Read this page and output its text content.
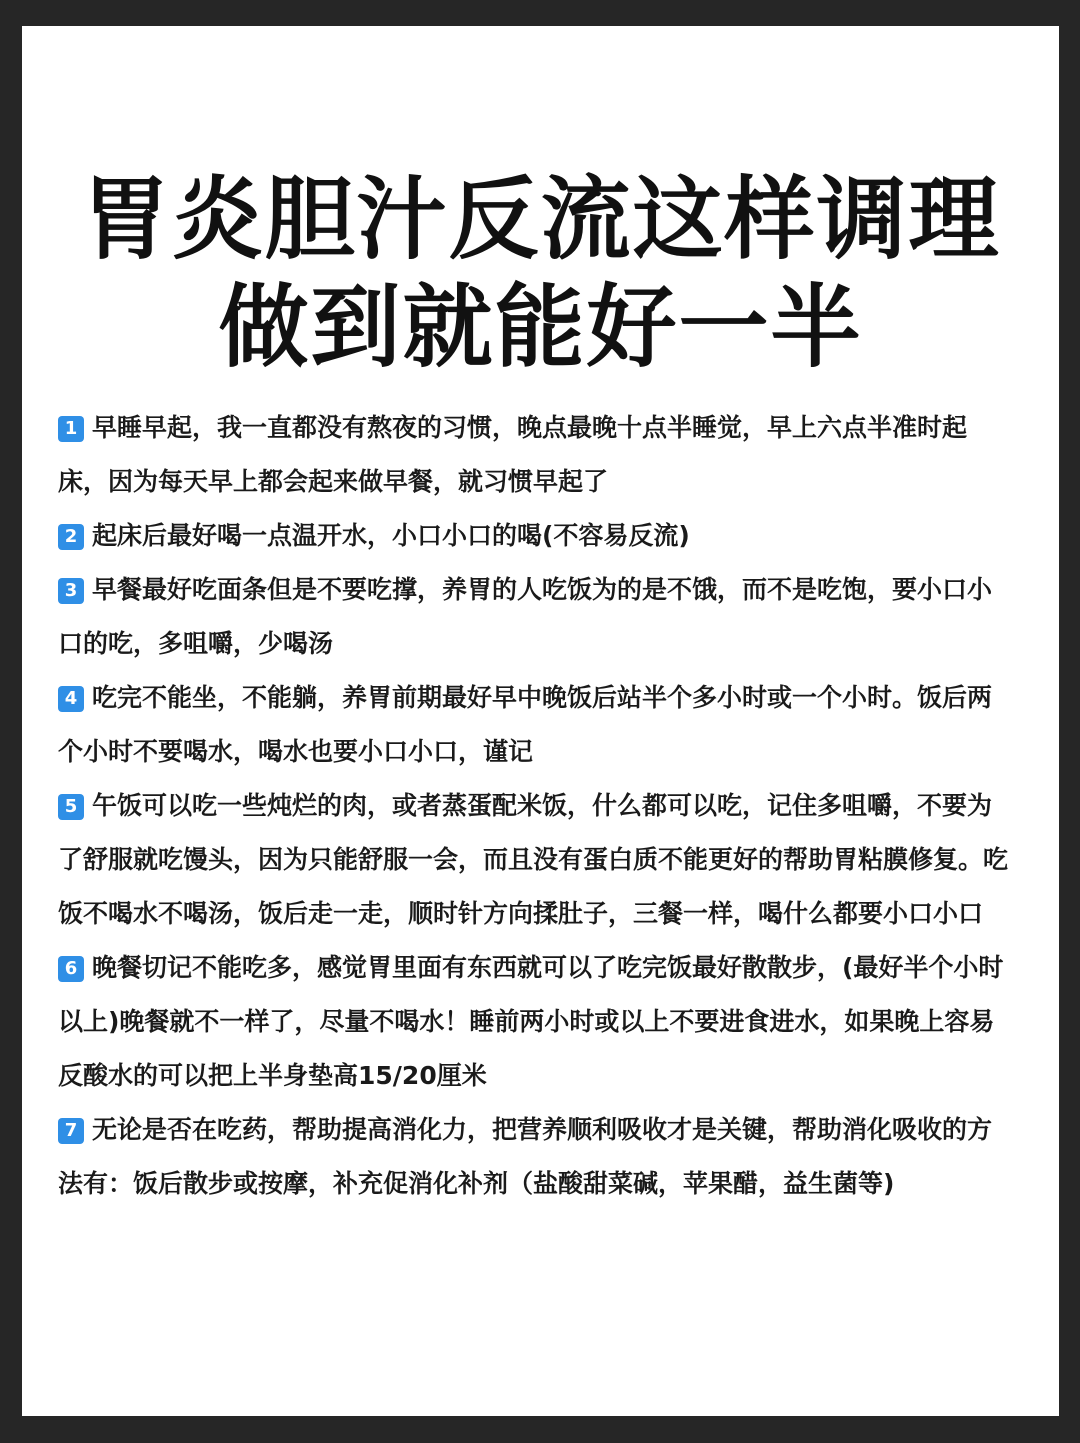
胃炎胆汁反流这样调理
做到就能好一半

1 早睡早起，我一直都没有熬夜的习惯，晚点最晚十点半睡觉，早上六点半准时起床，因为每天早上都会起来做早餐，就习惯早起了

2 起床后最好喝一点温开水，小口小口的喝(不容易反流)

3 早餐最好吃面条但是不要吃撑，养胃的人吃饭为的是不饿，而不是吃饱，要小口小口的吃，多咀嚼，少喝汤

4 吃完不能坐，不能躺，养胃前期最好早中晚饭后站半个多小时或一个小时。饭后两个小时不要喝水，喝水也要小口小口，谨记

5 午饭可以吃一些炖烂的肉，或者蒸蛋配米饭，什么都可以吃，记住多咀嚼，不要为了舒服就吃馒头，因为只能舒服一会，而且没有蛋白质不能更好的帮助胃粘膜修复。吃饭不喝水不喝汤，饭后走一走，顺时针方向揉肚子，三餐一样，喝什么都要小口小口

6 晚餐切记不能吃多，感觉胃里面有东西就可以了吃完饭最好散散步，(最好半个小时以上)晚餐就不一样了，尽量不喝水！睡前两小时或以上不要进食进水，如果晚上容易反酸水的可以把上半身垫高15/20厘米

7 无论是否在吃药，帮助提高消化力，把营养顺利吸收才是关键，帮助消化吸收的方法有：饭后散步或按摩，补充促消化补剂（盐酸甜菜碱，苹果醋，益生菌等)
